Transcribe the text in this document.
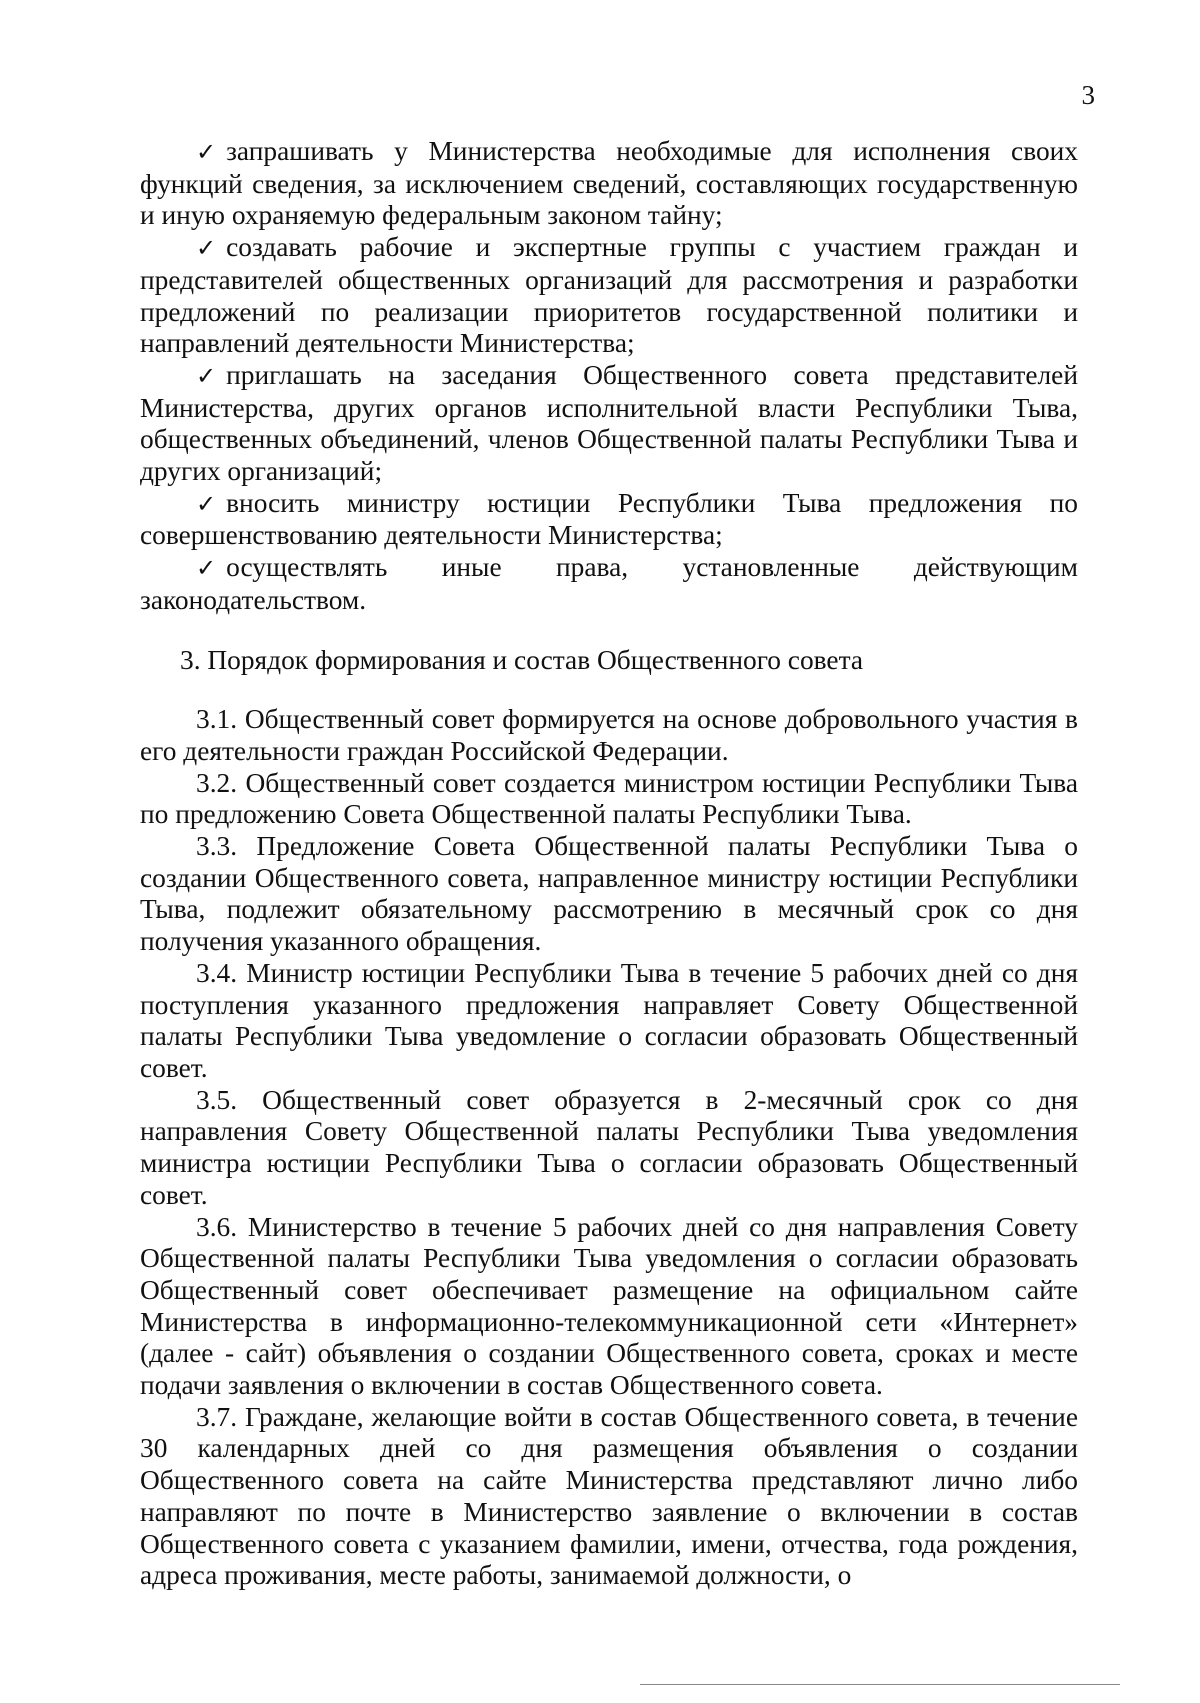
3

✓ запрашивать у Министерства необходимые для исполнения своих функций сведения, за исключением сведений, составляющих государственную и иную охраняемую федеральным законом тайну;

✓ создавать рабочие и экспертные группы с участием граждан и представителей общественных организаций для рассмотрения и разработки предложений по реализации приоритетов государственной политики и направлений деятельности Министерства;

✓ приглашать на заседания Общественного совета представителей Министерства, других органов исполнительной власти Республики Тыва, общественных объединений, членов Общественной палаты Республики Тыва и других организаций;

✓ вносить министру юстиции Республики Тыва предложения по совершенствованию деятельности Министерства;

✓ осуществлять иные права, установленные действующим законодательством.

3. Порядок формирования и состав Общественного совета

3.1. Общественный совет формируется на основе добровольного участия в его деятельности граждан Российской Федерации.

3.2. Общественный совет создается министром юстиции Республики Тыва по предложению Совета Общественной палаты Республики Тыва.

3.3. Предложение Совета Общественной палаты Республики Тыва о создании Общественного совета, направленное министру юстиции Республики Тыва, подлежит обязательному рассмотрению в месячный срок со дня получения указанного обращения.

3.4. Министр юстиции Республики Тыва в течение 5 рабочих дней со дня поступления указанного предложения направляет Совету Общественной палаты Республики Тыва уведомление о согласии образовать Общественный совет.

3.5. Общественный совет образуется в 2-месячный срок со дня направления Совету Общественной палаты Республики Тыва уведомления министра юстиции Республики Тыва о согласии образовать Общественный совет.

3.6. Министерство в течение 5 рабочих дней со дня направления Совету Общественной палаты Республики Тыва уведомления о согласии образовать Общественный совет обеспечивает размещение на официальном сайте Министерства в информационно-телекоммуникационной сети «Интернет» (далее - сайт) объявления о создании Общественного совета, сроках и месте подачи заявления о включении в состав Общественного совета.

3.7. Граждане, желающие войти в состав Общественного совета, в течение 30 календарных дней со дня размещения объявления о создании Общественного совета на сайте Министерства представляют лично либо направляют по почте в Министерство заявление о включении в состав Общественного совета с указанием фамилии, имени, отчества, года рождения, адреса проживания, месте работы, занимаемой должности, о
